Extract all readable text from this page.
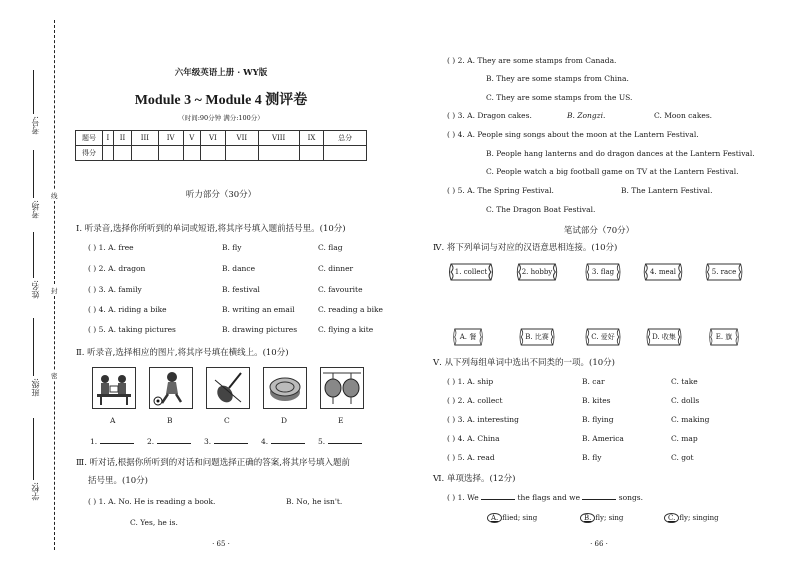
线
封
密
考号:
考场:
姓名:
班级:
学校:
六年级英语上册 · WY版
Module 3 ~ Module 4 测评卷
（时间:90分钟 满分:100分）
题号	I	II	III	IV	V	VI	VII	VIII	IX	总分
得分										
听力部分（30分）
Ⅰ. 听录音,选择你所听到的单词或短语,将其序号填入题前括号里。(10分)
( ) 1. A. free	B. fly	C. flag
( ) 2. A. dragon	B. dance	C. dinner
( ) 3. A. family	B. festival	C. favourite
( ) 4. A. riding a bike	B. writing an email	C. reading a bike
( ) 5. A. taking pictures	B. drawing pictures	C. flying a kite
Ⅱ. 听录音,选择相应的图片,将其序号填在横线上。(10分)
A	B	C	D	E
1.	2.	3.	4.	5.
Ⅲ. 听对话,根据你所听到的对话和问题选择正确的答案,将其序号填入题前
括号里。(10分)
( ) 1. A. No. He is reading a book.	B. No, he isn't.
C. Yes, he is.
· 65 ·
( ) 2. A. They are some stamps from Canada.
B. They are some stamps from China.
C. They are some stamps from the US.
( ) 3. A. Dragon cakes.	B. Zongzi.	C. Moon cakes.
( ) 4. A. People sing songs about the moon at the Lantern Festival.
B. People hang lanterns and do dragon dances at the Lantern Festival.
C. People watch a big football game on TV at the Lantern Festival.
( ) 5. A. The Spring Festival.	B. The Lantern Festival.
C. The Dragon Boat Festival.
笔试部分（70分）
Ⅳ. 将下列单词与对应的汉语意思相连接。(10分)
1. collect	2. hobby	3. flag	4. meal	5. race
A. 餐	B. 比赛	C. 爱好	D. 收集	E. 旗
Ⅴ. 从下列每组单词中选出不同类的一项。(10分)
( ) 1. A. ship	B. car	C. take
( ) 2. A. collect	B. kites	C. dolls
( ) 3. A. interesting	B. flying	C. making
( ) 4. A. China	B. America	C. map
( ) 5. A. read	B. fly	C. got
Ⅵ. 单项选择。(12分)
( ) 1. We	the flags and we	songs.
A. flied; sing	B. fly; sing	C. fly; singing
· 66 ·
